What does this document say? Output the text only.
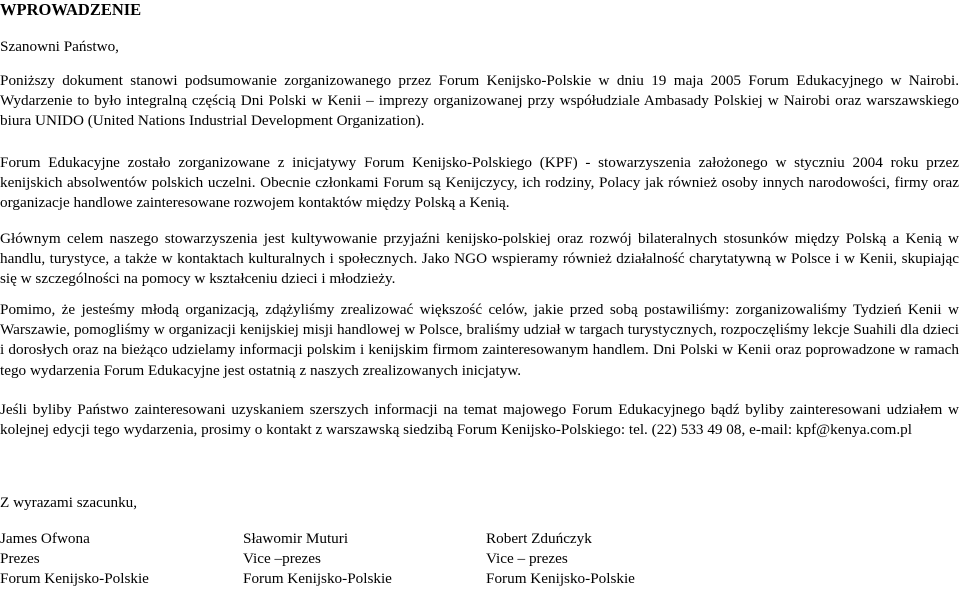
WPROWADZENIE

Szanowni Państwo,

Poniższy dokument stanowi podsumowanie zorganizowanego przez Forum Kenijsko-Polskie w dniu 19 maja 2005 Forum Edukacyjnego w Nairobi. Wydarzenie to było integralną częścią Dni Polski w Kenii – imprezy organizowanej przy współudziale Ambasady Polskiej w Nairobi oraz warszawskiego biura UNIDO (United Nations Industrial Development Organization).

Forum Edukacyjne zostało zorganizowane z inicjatywy Forum Kenijsko-Polskiego (KPF) - stowarzyszenia założonego w styczniu 2004 roku przez kenijskich absolwentów polskich uczelni. Obecnie członkami Forum są Kenijczycy, ich rodziny, Polacy jak również osoby innych narodowości, firmy oraz organizacje handlowe zainteresowane rozwojem kontaktów między Polską a Kenią.

Głównym celem naszego stowarzyszenia jest kultywowanie przyjaźni kenijsko-polskiej oraz rozwój bilateralnych stosunków między Polską a Kenią w handlu, turystyce, a także w kontaktach kulturalnych i społecznych. Jako NGO wspieramy również działalność charytatywną w Polsce i w Kenii, skupiając się w szczególności na pomocy w kształceniu dzieci i młodzieży.

Pomimo, że jesteśmy młodą organizacją, zdążyliśmy zrealizować większość celów, jakie przed sobą postawiliśmy: zorganizowaliśmy Tydzień Kenii w Warszawie, pomogliśmy w organizacji kenijskiej misji handlowej w Polsce, braliśmy udział w targach turystycznych, rozpoczęliśmy lekcje Suahili dla dzieci i dorosłych oraz na bieżąco udzielamy informacji polskim i kenijskim firmom zainteresowanym handlem. Dni Polski w Kenii oraz poprowadzone w ramach tego wydarzenia Forum Edukacyjne jest ostatnią z naszych zrealizowanych inicjatyw.

Jeśli byliby Państwo zainteresowani uzyskaniem szerszych informacji na temat majowego Forum Edukacyjnego bądź byliby zainteresowani udziałem w kolejnej edycji tego wydarzenia, prosimy o kontakt z warszawską siedzibą Forum Kenijsko-Polskiego: tel. (22) 533 49 08, e-mail: kpf@kenya.com.pl

Z wyrazami szacunku,

James Ofwona
Prezes
Forum Kenijsko-Polskie
Sławomir Muturi
Vice –prezes
Forum Kenijsko-Polskie
Robert Zduńczyk
Vice – prezes
Forum Kenijsko-Polskie
